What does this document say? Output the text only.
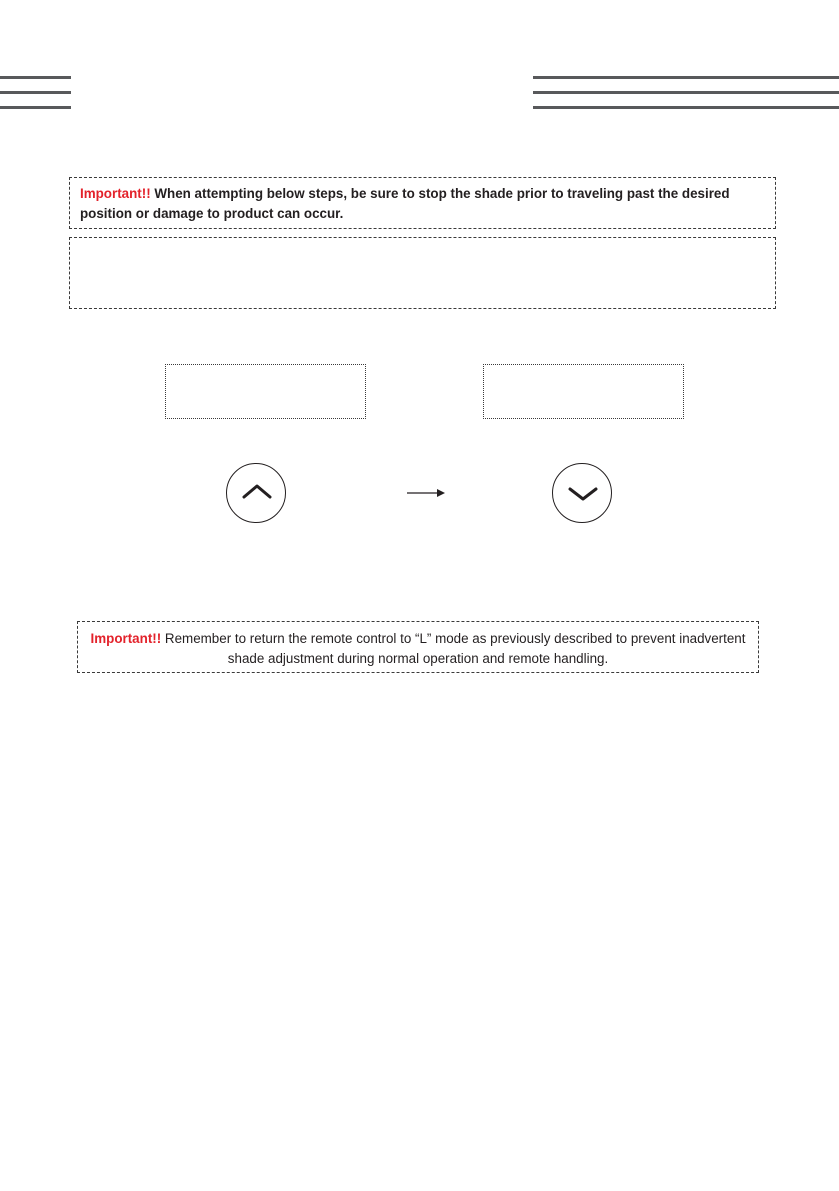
Important!! When attempting below steps, be sure to stop the shade prior to traveling past the desired position or damage to product can occur.
Important!! Remember to return the remote control to “L” mode as previously described to prevent inadvertent shade adjustment during normal operation and remote handling.
